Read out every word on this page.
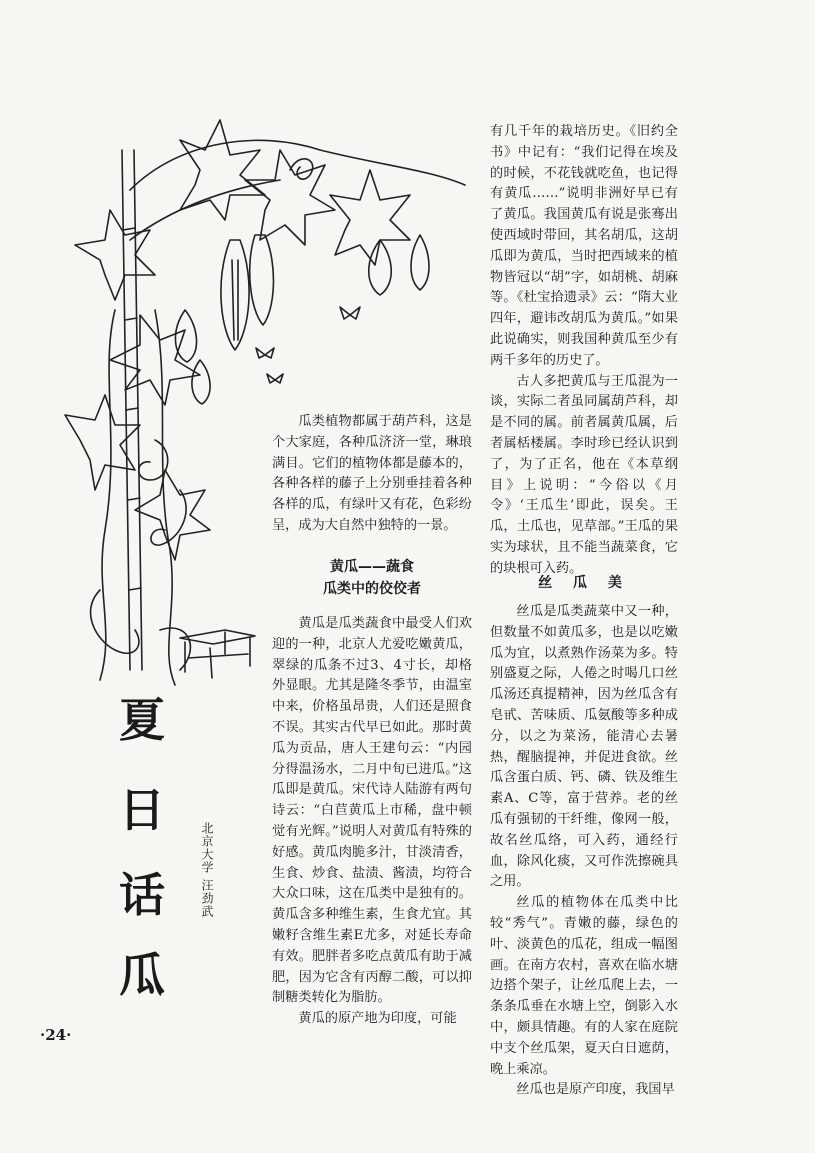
夏
日
话
瓜
北京大学 汪劲武

瓜类植物都属于葫芦科，这是个大家庭，各种瓜济济一堂，琳琅满目。它们的植物体都是藤本的，各种各样的藤子上分别垂挂着各种各样的瓜，有绿叶又有花，色彩纷呈，成为大自然中独特的一景。

黄瓜——蔬食
瓜类中的佼佼者

黄瓜是瓜类蔬食中最受人们欢迎的一种，北京人尤爱吃嫩黄瓜，翠绿的瓜条不过3、4寸长，却格外显眼。尤其是隆冬季节，由温室中来，价格虽昂贵，人们还是照食不误。其实古代早已如此。那时黄瓜为贡品，唐人王建句云：“内园分得温汤水，二月中旬已进瓜。”这瓜即是黄瓜。宋代诗人陆游有两句诗云：“白苣黄瓜上市稀，盘中顿觉有光辉。”说明人对黄瓜有特殊的好感。黄瓜肉脆多汁，甘淡清香，生食、炒食、盐渍、酱渍，均符合大众口味，这在瓜类中是独有的。黄瓜含多种维生素，生食尤宜。其嫩籽含维生素E尤多，对延长寿命有效。肥胖者多吃点黄瓜有助于减肥，因为它含有丙醇二酸，可以抑制糖类转化为脂肪。

黄瓜的原产地为印度，可能

有几千年的栽培历史。《旧约全书》中记有：“我们记得在埃及的时候，不花钱就吃鱼，也记得有黄瓜……”说明非洲好早已有了黄瓜。我国黄瓜有说是张骞出使西域时带回，其名胡瓜，这胡瓜即为黄瓜，当时把西域来的植物皆冠以“胡”字，如胡桃、胡麻等。《杜宝拾遗录》云：“隋大业四年，避讳改胡瓜为黄瓜。”如果此说确实，则我国种黄瓜至少有两千多年的历史了。

古人多把黄瓜与王瓜混为一谈，实际二者虽同属葫芦科，却是不同的属。前者属黄瓜属，后者属栝楼属。李时珍已经认识到了，为了正名，他在《本草纲目》上说明：“今俗以《月令》‘王瓜生’即此，误矣。王瓜，土瓜也，见草部。”王瓜的果实为球状，且不能当蔬菜食，它的块根可入药。

丝 瓜 美

丝瓜是瓜类蔬菜中又一种，但数量不如黄瓜多，也是以吃嫩瓜为宜，以煮熟作汤菜为多。特别盛夏之际，人倦之时喝几口丝瓜汤还真提精神，因为丝瓜含有皂甙、苦味质、瓜氨酸等多种成分，以之为菜汤，能清心去暑热，醒脑提神，并促进食欲。丝瓜含蛋白质、钙、磷、铁及维生素A、C等，富于营养。老的丝瓜有强韧的干纤维，像网一般，故名丝瓜络，可入药，通经行血，除风化痰，又可作洗擦碗具之用。

丝瓜的植物体在瓜类中比较“秀气”。青嫩的藤，绿色的叶、淡黄色的瓜花，组成一幅图画。在南方农村，喜欢在临水塘边搭个架子，让丝瓜爬上去，一条条瓜垂在水塘上空，倒影入水中，颇具情趣。有的人家在庭院中支个丝瓜架，夏天白日遮荫，晚上乘凉。

丝瓜也是原产印度，我国早

·24·
